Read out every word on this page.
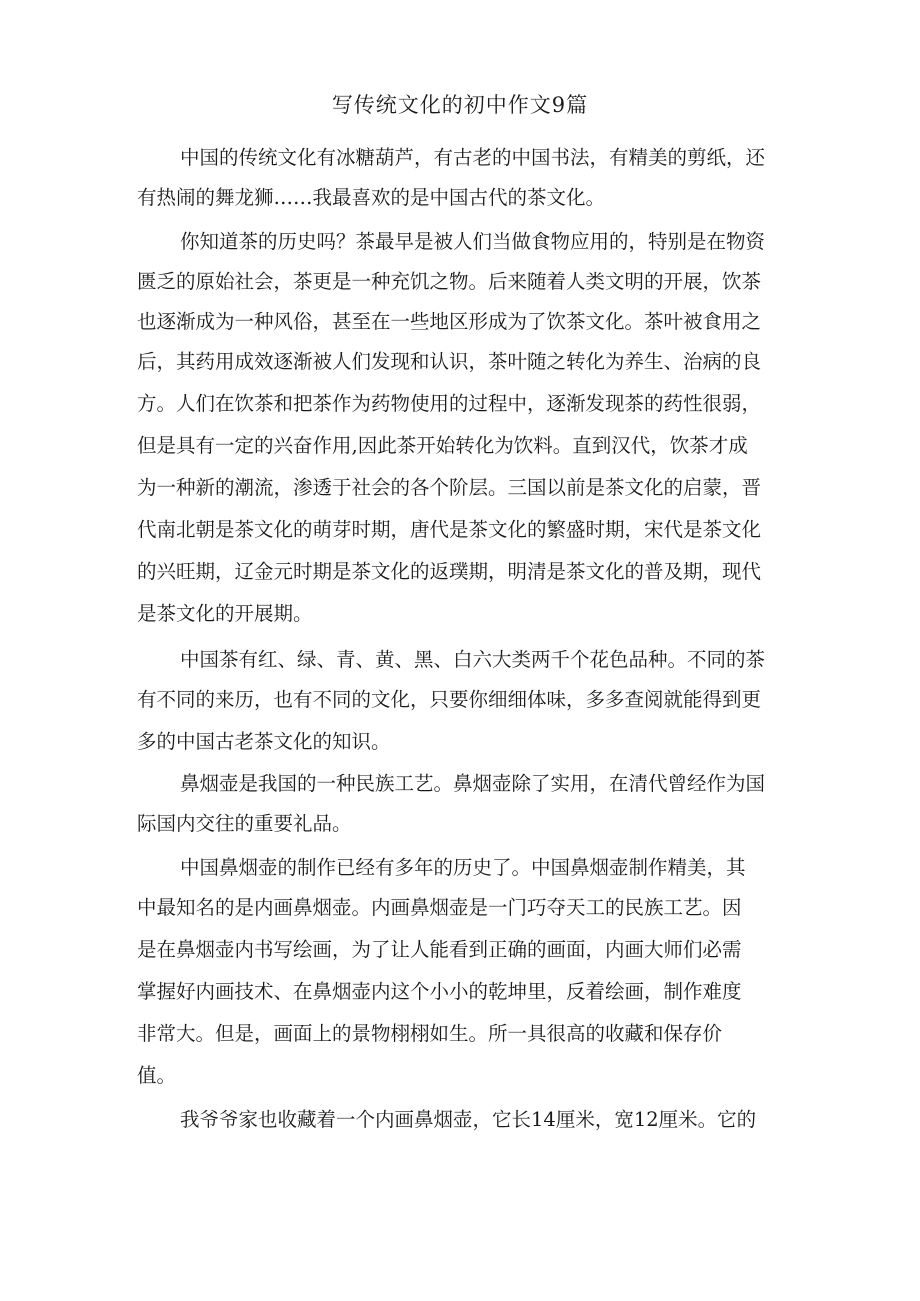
写传统文化的初中作文9篇
中国的传统文化有冰糖葫芦，有古老的中国书法，有精美的剪纸，还
有热闹的舞龙狮……我最喜欢的是中国古代的茶文化。
你知道茶的历史吗？茶最早是被人们当做食物应用的，特别是在物资
匮乏的原始社会，茶更是一种充饥之物。后来随着人类文明的开展，饮茶
也逐渐成为一种风俗，甚至在一些地区形成为了饮茶文化。茶叶被食用之
后，其药用成效逐渐被人们发现和认识，茶叶随之转化为养生、治病的良
方。人们在饮茶和把茶作为药物使用的过程中，逐渐发现茶的药性很弱，
但是具有一定的兴奋作用,因此茶开始转化为饮料。直到汉代，饮茶才成
为一种新的潮流，渗透于社会的各个阶层。三国以前是茶文化的启蒙，晋
代南北朝是茶文化的萌芽时期，唐代是茶文化的繁盛时期，宋代是茶文化
的兴旺期，辽金元时期是茶文化的返璞期，明清是茶文化的普及期，现代
是茶文化的开展期。
中国茶有红、绿、青、黄、黑、白六大类两千个花色品种。不同的茶
有不同的来历，也有不同的文化，只要你细细体味，多多查阅就能得到更
多的中国古老茶文化的知识。
鼻烟壶是我国的一种民族工艺。鼻烟壶除了实用，在清代曾经作为国
际国内交往的重要礼品。
中国鼻烟壶的制作已经有多年的历史了。中国鼻烟壶制作精美，其
中最知名的是内画鼻烟壶。内画鼻烟壶是一门巧夺天工的民族工艺。因
是在鼻烟壶内书写绘画，为了让人能看到正确的画面，内画大师们必需
掌握好内画技术、在鼻烟壶内这个小小的乾坤里，反着绘画，制作难度
非常大。但是，画面上的景物栩栩如生。所一具很高的收藏和保存价
值。
我爷爷家也收藏着一个内画鼻烟壶，它长14厘米，宽12厘米。它的
